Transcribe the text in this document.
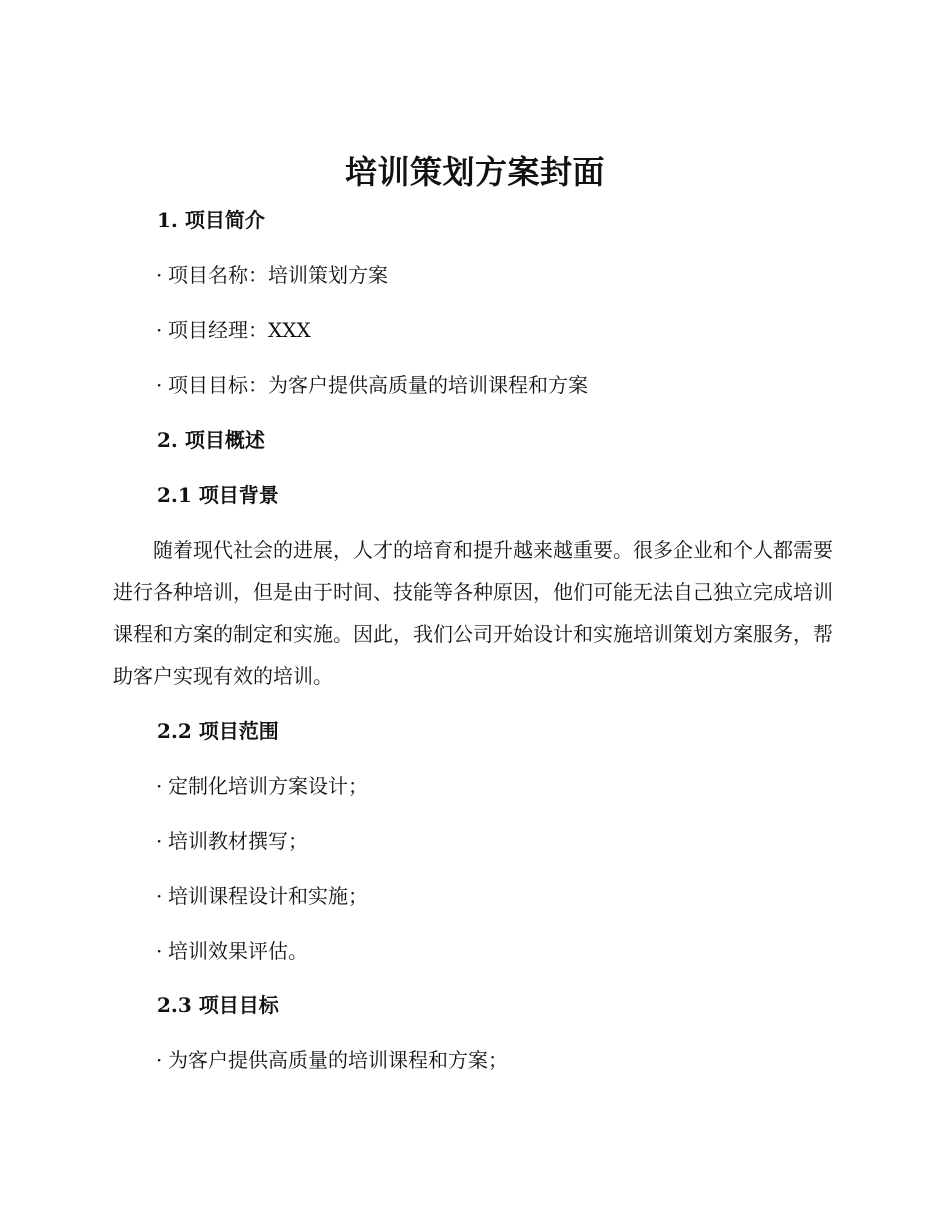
培训策划方案封面
1. 项目简介
· 项目名称：培训策划方案
· 项目经理：XXX
· 项目目标：为客户提供高质量的培训课程和方案
2. 项目概述
2.1 项目背景
随着现代社会的进展，人才的培育和提升越来越重要。很多企业和个人都需要进行各种培训，但是由于时间、技能等各种原因，他们可能无法自己独立完成培训课程和方案的制定和实施。因此，我们公司开始设计和实施培训策划方案服务，帮助客户实现有效的培训。
2.2 项目范围
· 定制化培训方案设计；
· 培训教材撰写；
· 培训课程设计和实施；
· 培训效果评估。
2.3 项目目标
· 为客户提供高质量的培训课程和方案；
